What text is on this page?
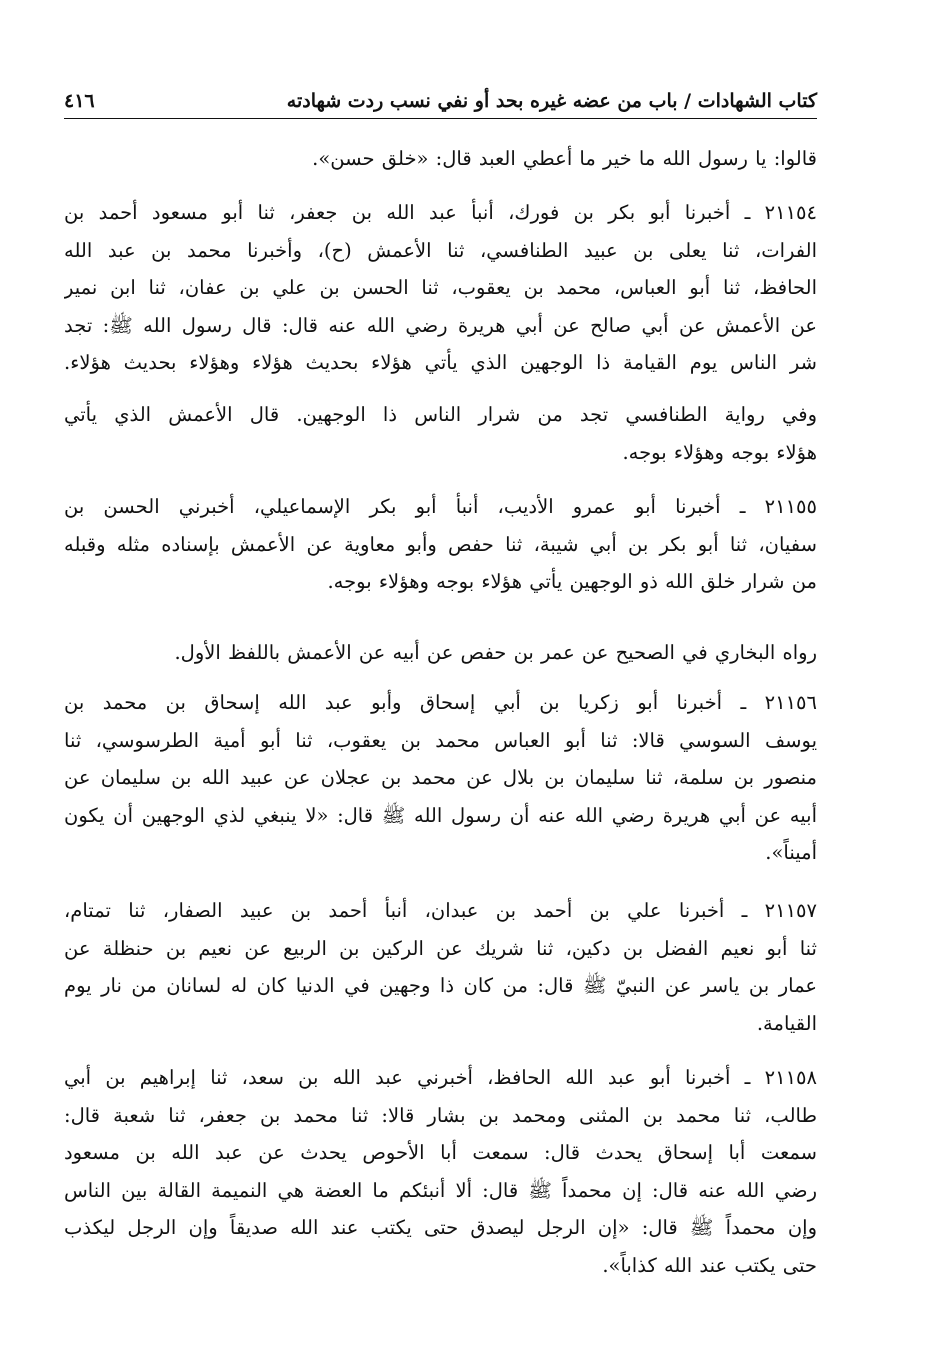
كتاب الشهادات / باب من عضه غيره بحد أو نفي نسب ردت شهادته
٤١٦
قالوا: يا رسول الله ما خير ما أعطي العبد قال: «خلق حسن».
٢١١٥٤ ـ أخبرنا أبو بكر بن فورك، أنبأ عبد الله بن جعفر، ثنا أبو مسعود أحمد بن
الفرات، ثنا يعلى بن عبيد الطنافسي، ثنا الأعمش (ح)، وأخبرنا محمد بن عبد الله
الحافظ، ثنا أبو العباس، محمد بن يعقوب، ثنا الحسن بن علي بن عفان، ثنا ابن نمير
عن الأعمش عن أبي صالح عن أبي هريرة رضي الله عنه قال: قال رسول الله ﷺ: تجد
شر الناس يوم القيامة ذا الوجهين الذي يأتي هؤلاء بحديث هؤلاء وهؤلاء بحديث هؤلاء.
وفي رواية الطنافسي تجد من شرار الناس ذا الوجهين. قال الأعمش الذي يأتي
هؤلاء بوجه وهؤلاء بوجه.
٢١١٥٥ ـ أخبرنا أبو عمرو الأديب، أنبأ أبو بكر الإسماعيلي، أخبرني الحسن بن
سفيان، ثنا أبو بكر بن أبي شيبة، ثنا حفص وأبو معاوية عن الأعمش بإسناده مثله وقبله
من شرار خلق الله ذو الوجهين يأتي هؤلاء بوجه وهؤلاء بوجه.
رواه البخاري في الصحيح عن عمر بن حفص عن أبيه عن الأعمش باللفظ الأول.
٢١١٥٦ ـ أخبرنا أبو زكريا بن أبي إسحاق وأبو عبد الله إسحاق بن محمد بن
يوسف السوسي قالا: ثنا أبو العباس محمد بن يعقوب، ثنا أبو أمية الطرسوسي، ثنا
منصور بن سلمة، ثنا سليمان بن بلال عن محمد بن عجلان عن عبيد الله بن سليمان عن
أبيه عن أبي هريرة رضي الله عنه أن رسول الله ﷺ قال: «لا ينبغي لذي الوجهين أن يكون
أميناً».
٢١١٥٧ ـ أخبرنا علي بن أحمد بن عبدان، أنبأ أحمد بن عبيد الصفار، ثنا تمتام،
ثنا أبو نعيم الفضل بن دكين، ثنا شريك عن الركين بن الربيع عن نعيم بن حنظلة عن
عمار بن ياسر عن النبيّ ﷺ قال: من كان ذا وجهين في الدنيا كان له لسانان من نار يوم
القيامة.
٢١١٥٨ ـ أخبرنا أبو عبد الله الحافظ، أخبرني عبد الله بن سعد، ثنا إبراهيم بن أبي
طالب، ثنا محمد بن المثنى ومحمد بن بشار قالا: ثنا محمد بن جعفر، ثنا شعبة قال:
سمعت أبا إسحاق يحدث قال: سمعت أبا الأحوص يحدث عن عبد الله بن مسعود
رضي الله عنه قال: إن محمداً ﷺ قال: ألا أنبئكم ما العضة هي النميمة القالة بين الناس
وإن محمداً ﷺ قال: «إن الرجل ليصدق حتى يكتب عند الله صديقاً وإن الرجل ليكذب
حتى يكتب عند الله كذاباً».
